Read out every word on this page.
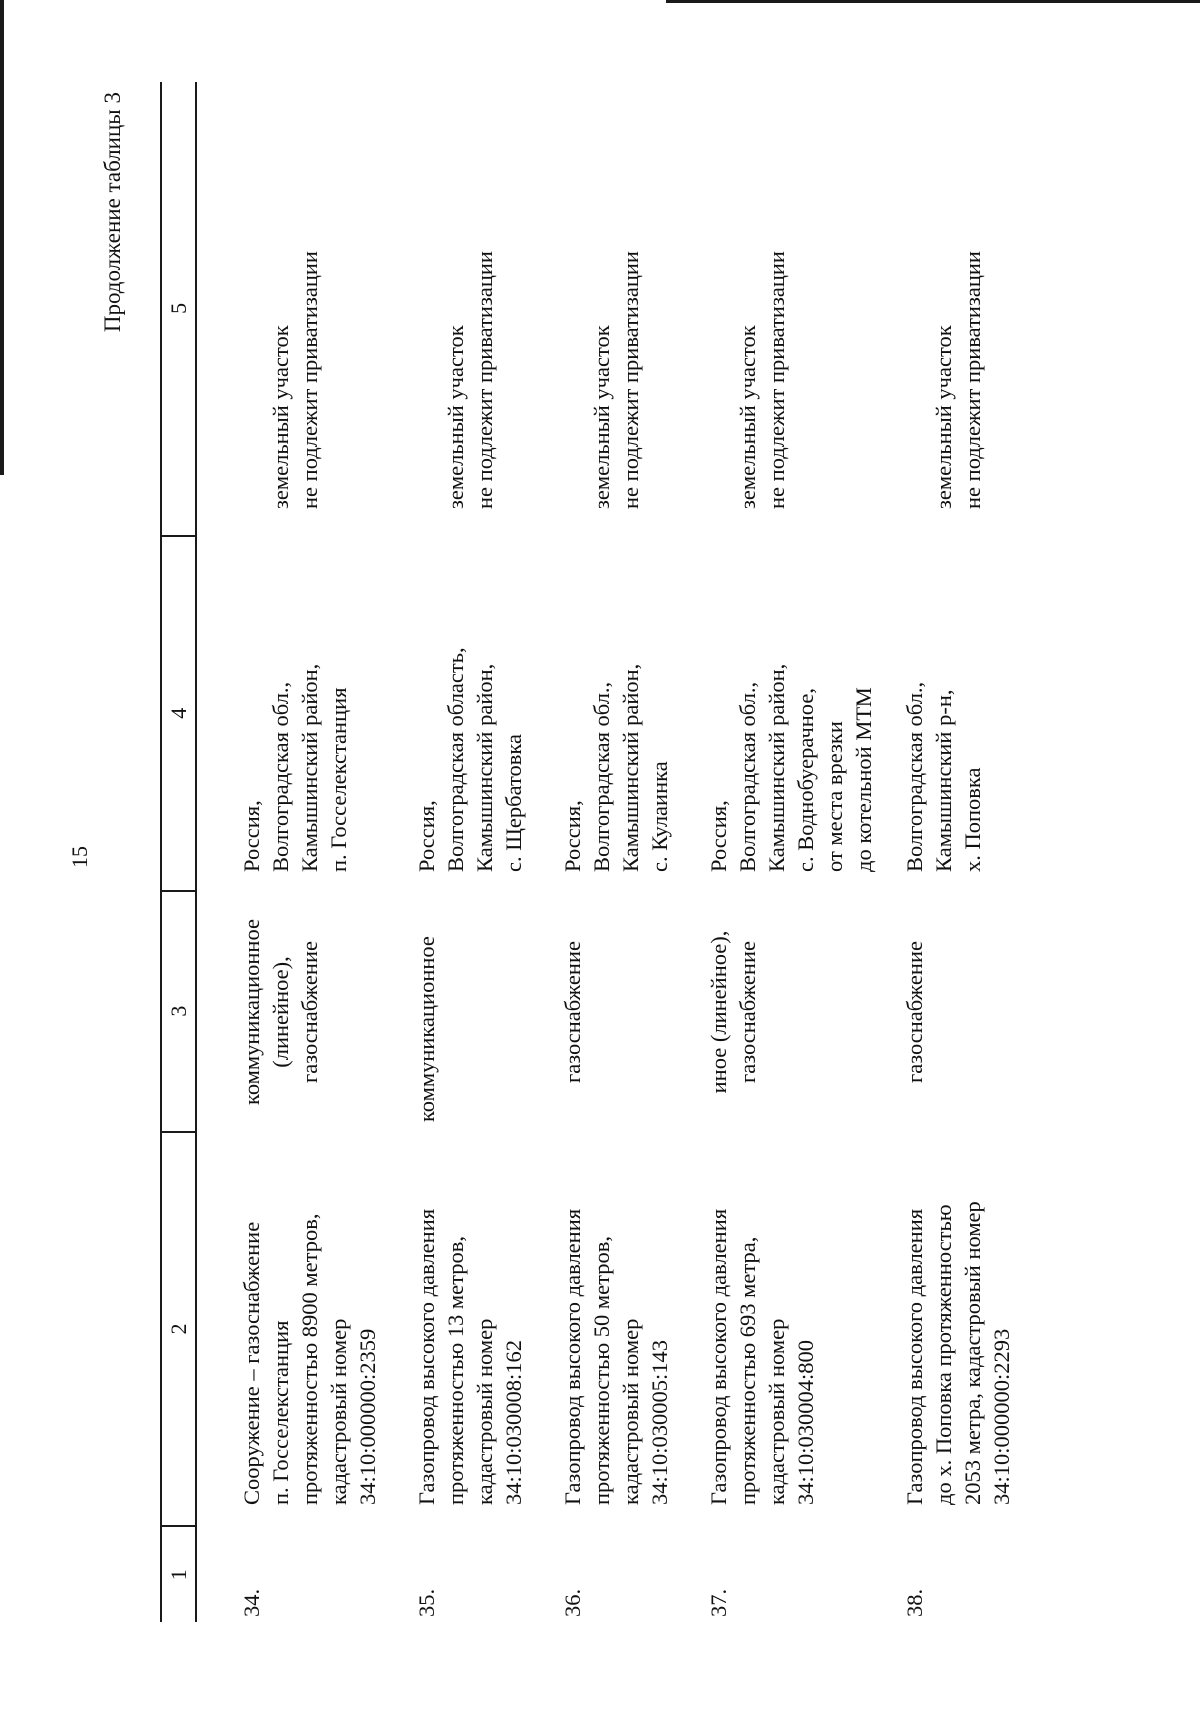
15
Продолжение таблицы 3
1
2
3
4
5
34.
Сооружение – газоснабжение
п. Госселекстанция
протяженностью 8900 метров,
кадастровый номер
34:10:000000:2359
коммуникационное
(линейное),
газоснабжение
Россия,
Волгоградская обл.,
Камышинский район,
п. Госселекстанция
земельный участок
не подлежит приватизации
35.
Газопровод высокого давления
протяженностью 13 метров,
кадастровый номер
34:10:030008:162
коммуникационное
Россия,
Волгоградская область,
Камышинский район,
с. Щербатовка
земельный участок
не подлежит приватизации
36.
Газопровод высокого давления
протяженностью 50 метров,
кадастровый номер
34:10:030005:143
газоснабжение
Россия,
Волгоградская обл.,
Камышинский район,
с. Кулаинка
земельный участок
не подлежит приватизации
37.
Газопровод высокого давления
протяженностью 693 метра,
кадастровый номер
34:10:030004:800
иное (линейное),
газоснабжение
Россия,
Волгоградская обл.,
Камышинский район,
с. Воднобуерачное,
от места врезки
до котельной МТМ
земельный участок
не подлежит приватизации
38.
Газопровод высокого давления
до х. Поповка протяженностью
2053 метра, кадастровый номер
34:10:000000:2293
газоснабжение
Волгоградская обл.,
Камышинский р-н,
х. Поповка
земельный участок
не подлежит приватизации
